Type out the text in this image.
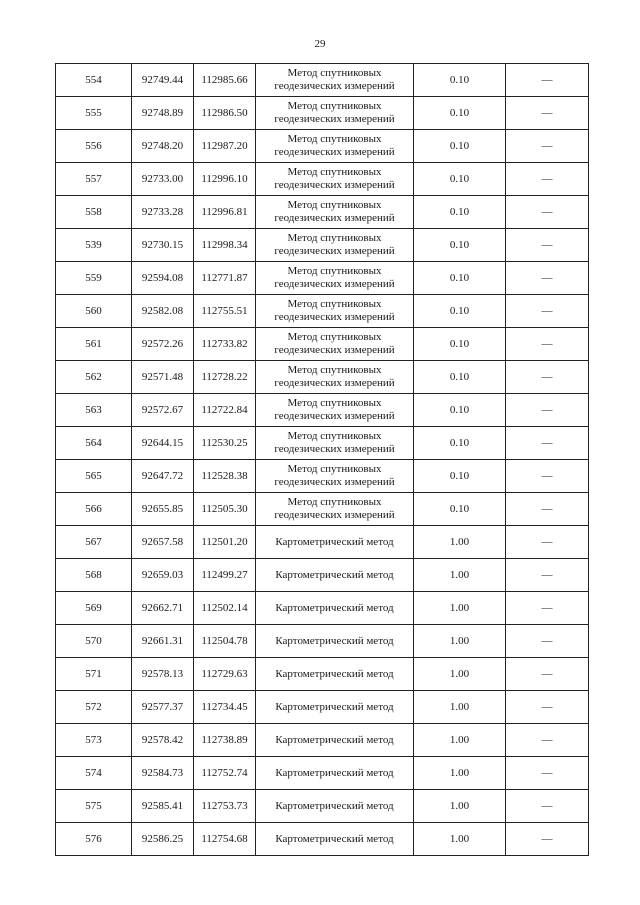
29
554	92749.44	112985.66	Метод спутниковых
геодезических измерений	0.10	—
555	92748.89	112986.50	Метод спутниковых
геодезических измерений	0.10	—
556	92748.20	112987.20	Метод спутниковых
геодезических измерений	0.10	—
557	92733.00	112996.10	Метод спутниковых
геодезических измерений	0.10	—
558	92733.28	112996.81	Метод спутниковых
геодезических измерений	0.10	—
539	92730.15	112998.34	Метод спутниковых
геодезических измерений	0.10	—
559	92594.08	112771.87	Метод спутниковых
геодезических измерений	0.10	—
560	92582.08	112755.51	Метод спутниковых
геодезических измерений	0.10	—
561	92572.26	112733.82	Метод спутниковых
геодезических измерений	0.10	—
562	92571.48	112728.22	Метод спутниковых
геодезических измерений	0.10	—
563	92572.67	112722.84	Метод спутниковых
геодезических измерений	0.10	—
564	92644.15	112530.25	Метод спутниковых
геодезических измерений	0.10	—
565	92647.72	112528.38	Метод спутниковых
геодезических измерений	0.10	—
566	92655.85	112505.30	Метод спутниковых
геодезических измерений	0.10	—
567	92657.58	112501.20	Картометрический метод	1.00	—
568	92659.03	112499.27	Картометрический метод	1.00	—
569	92662.71	112502.14	Картометрический метод	1.00	—
570	92661.31	112504.78	Картометрический метод	1.00	—
571	92578.13	112729.63	Картометрический метод	1.00	—
572	92577.37	112734.45	Картометрический метод	1.00	—
573	92578.42	112738.89	Картометрический метод	1.00	—
574	92584.73	112752.74	Картометрический метод	1.00	—
575	92585.41	112753.73	Картометрический метод	1.00	—
576	92586.25	112754.68	Картометрический метод	1.00	—
